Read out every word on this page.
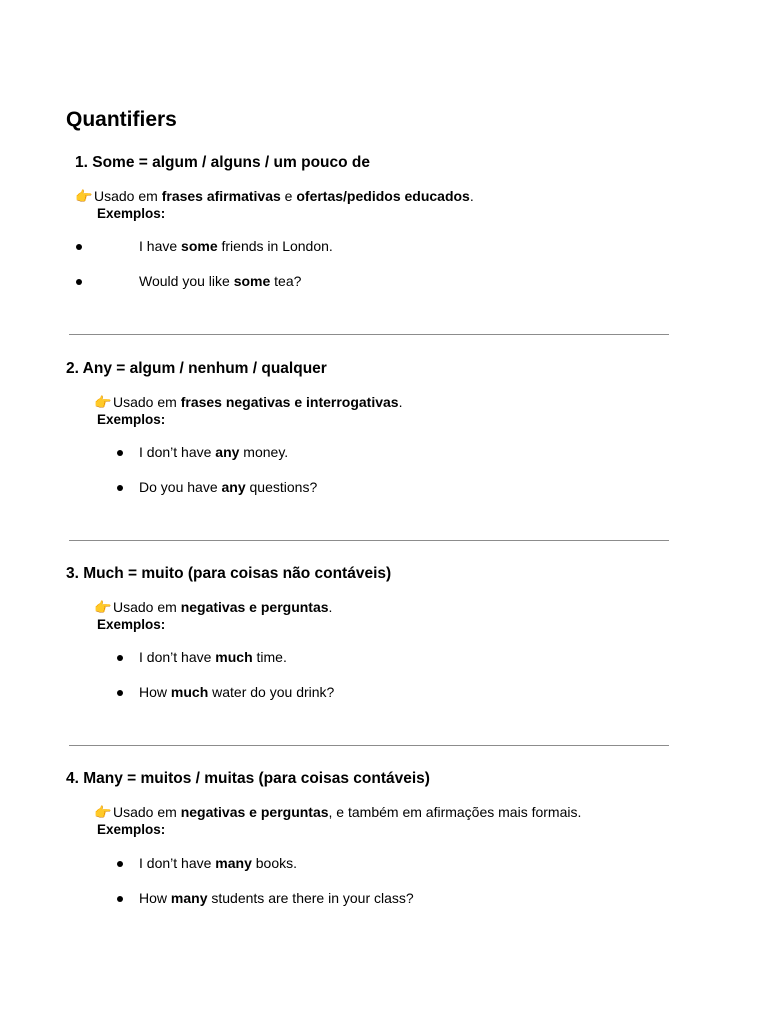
Quantifiers
1. Some = algum / alguns / um pouco de
👉 Usado em frases afirmativas e ofertas/pedidos educados.
Exemplos:
I have some friends in London.
Would you like some tea?
2. Any = algum / nenhum / qualquer
👉 Usado em frases negativas e interrogativas.
Exemplos:
I don’t have any money.
Do you have any questions?
3. Much = muito (para coisas não contáveis)
👉 Usado em negativas e perguntas.
Exemplos:
I don’t have much time.
How much water do you drink?
4. Many = muitos / muitas (para coisas contáveis)
👉 Usado em negativas e perguntas, e também em afirmações mais formais.
Exemplos:
I don’t have many books.
How many students are there in your class?
